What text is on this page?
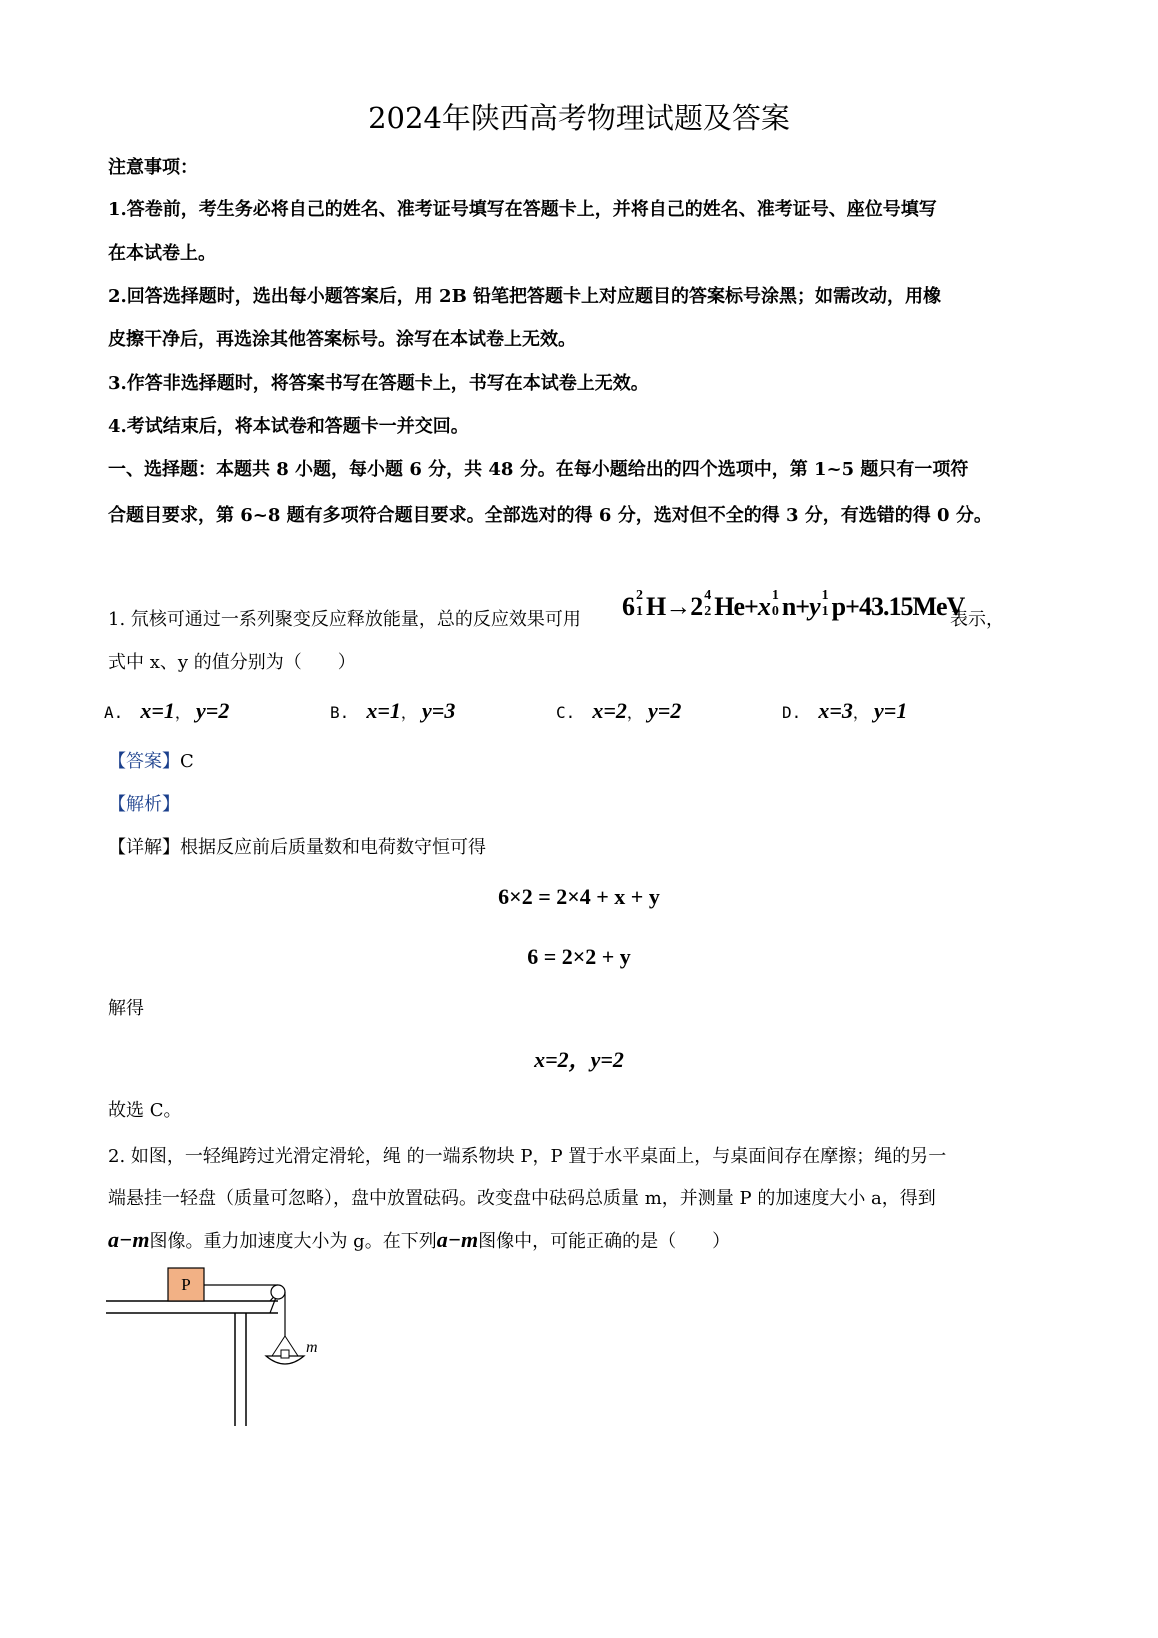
2024年陕西高考物理试题及答案
注意事项：
1.答卷前，考生务必将自己的姓名、准考证号填写在答题卡上，并将自己的姓名、准考证号、座位号填写
在本试卷上。
2.回答选择题时，选出每小题答案后，用 2B 铅笔把答题卡上对应题目的答案标号涂黑；如需改动，用橡
皮擦干净后，再选涂其他答案标号。涂写在本试卷上无效。
3.作答非选择题时，将答案书写在答题卡上，书写在本试卷上无效。
4.考试结束后，将本试卷和答题卡一并交回。
一、选择题：本题共 8 小题，每小题 6 分，共 48 分。在每小题给出的四个选项中，第 1~5 题只有一项符
合题目要求，第 6~8 题有多项符合题目要求。全部选对的得 6 分，选对但不全的得 3 分，有选错的得 0 分。
1. 氘核可通过一系列聚变反应释放能量，总的反应效果可用 6 2
1 H→2 4
2 He+x 1
0 n+y 1
1 p+43.15MeV
表示，
式中 x、y 的值分别为（　　）
A. x=1， y=2	B. x=1， y=3	C. x=2， y=2	D. x=3， y=1
【答案】C
【解析】
【详解】根据反应前后质量数和电荷数守恒可得
6×2 = 2×4 + x + y
6 = 2×2 + y
解得
x=2，y=2
故选 C。
2. 如图，一轻绳跨过光滑定滑轮，绳 的一端系物块 P，P 置于水平桌面上，与桌面间存在摩擦；绳的另一
端悬挂一轻盘（质量可忽略），盘中放置砝码。改变盘中砝码总质量 m，并测量 P 的加速度大小 a，得到
a−m图像。重力加速度大小为 g。在下列a−m图像中，可能正确的是（　　）
P
m
